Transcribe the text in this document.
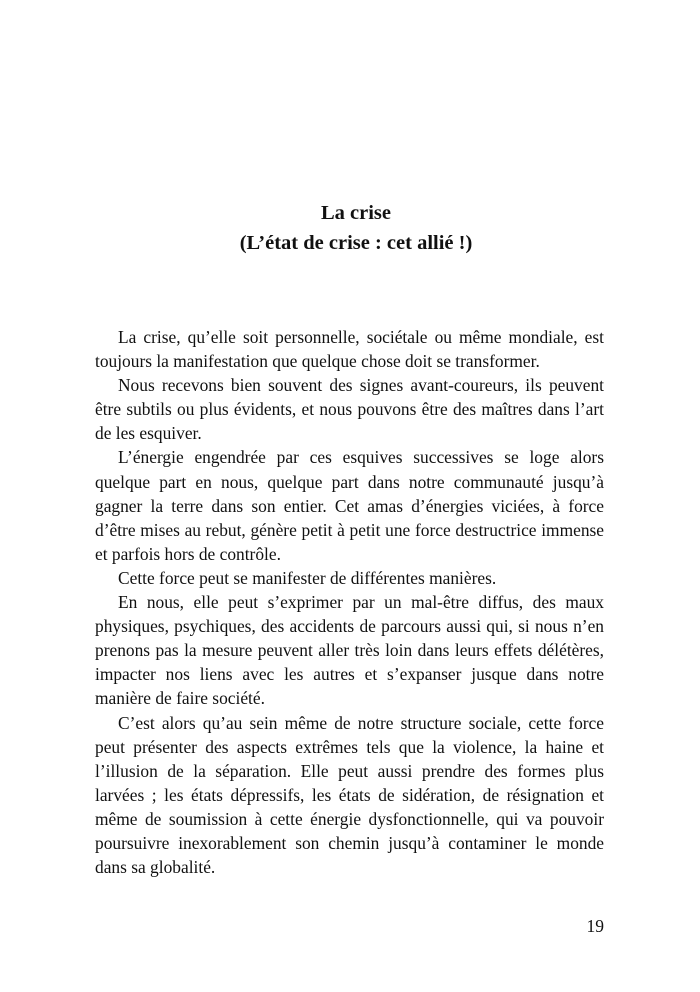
La crise
(L’état de crise : cet allié !)

La crise, qu’elle soit personnelle, sociétale ou même mondiale, est toujours la manifestation que quelque chose doit se transformer.

Nous recevons bien souvent des signes avant-coureurs, ils peuvent être subtils ou plus évidents, et nous pouvons être des maîtres dans l’art de les esquiver.

L’énergie engendrée par ces esquives successives se loge alors quelque part en nous, quelque part dans notre communauté jusqu’à gagner la terre dans son entier. Cet amas d’énergies viciées, à force d’être mises au rebut, génère petit à petit une force destructrice immense et parfois hors de contrôle.

Cette force peut se manifester de différentes manières.

En nous, elle peut s’exprimer par un mal-être diffus, des maux physiques, psychiques, des accidents de parcours aussi qui, si nous n’en prenons pas la mesure peuvent aller très loin dans leurs effets délétères, impacter nos liens avec les autres et s’expanser jusque dans notre manière de faire société.

C’est alors qu’au sein même de notre structure sociale, cette force peut présenter des aspects extrêmes tels que la violence, la haine et l’illusion de la séparation. Elle peut aussi prendre des formes plus larvées ; les états dépressifs, les états de sidération, de résignation et même de soumission à cette énergie dysfonctionnelle, qui va pouvoir poursuivre inexorablement son chemin jusqu’à contaminer le monde dans sa globalité.

19
